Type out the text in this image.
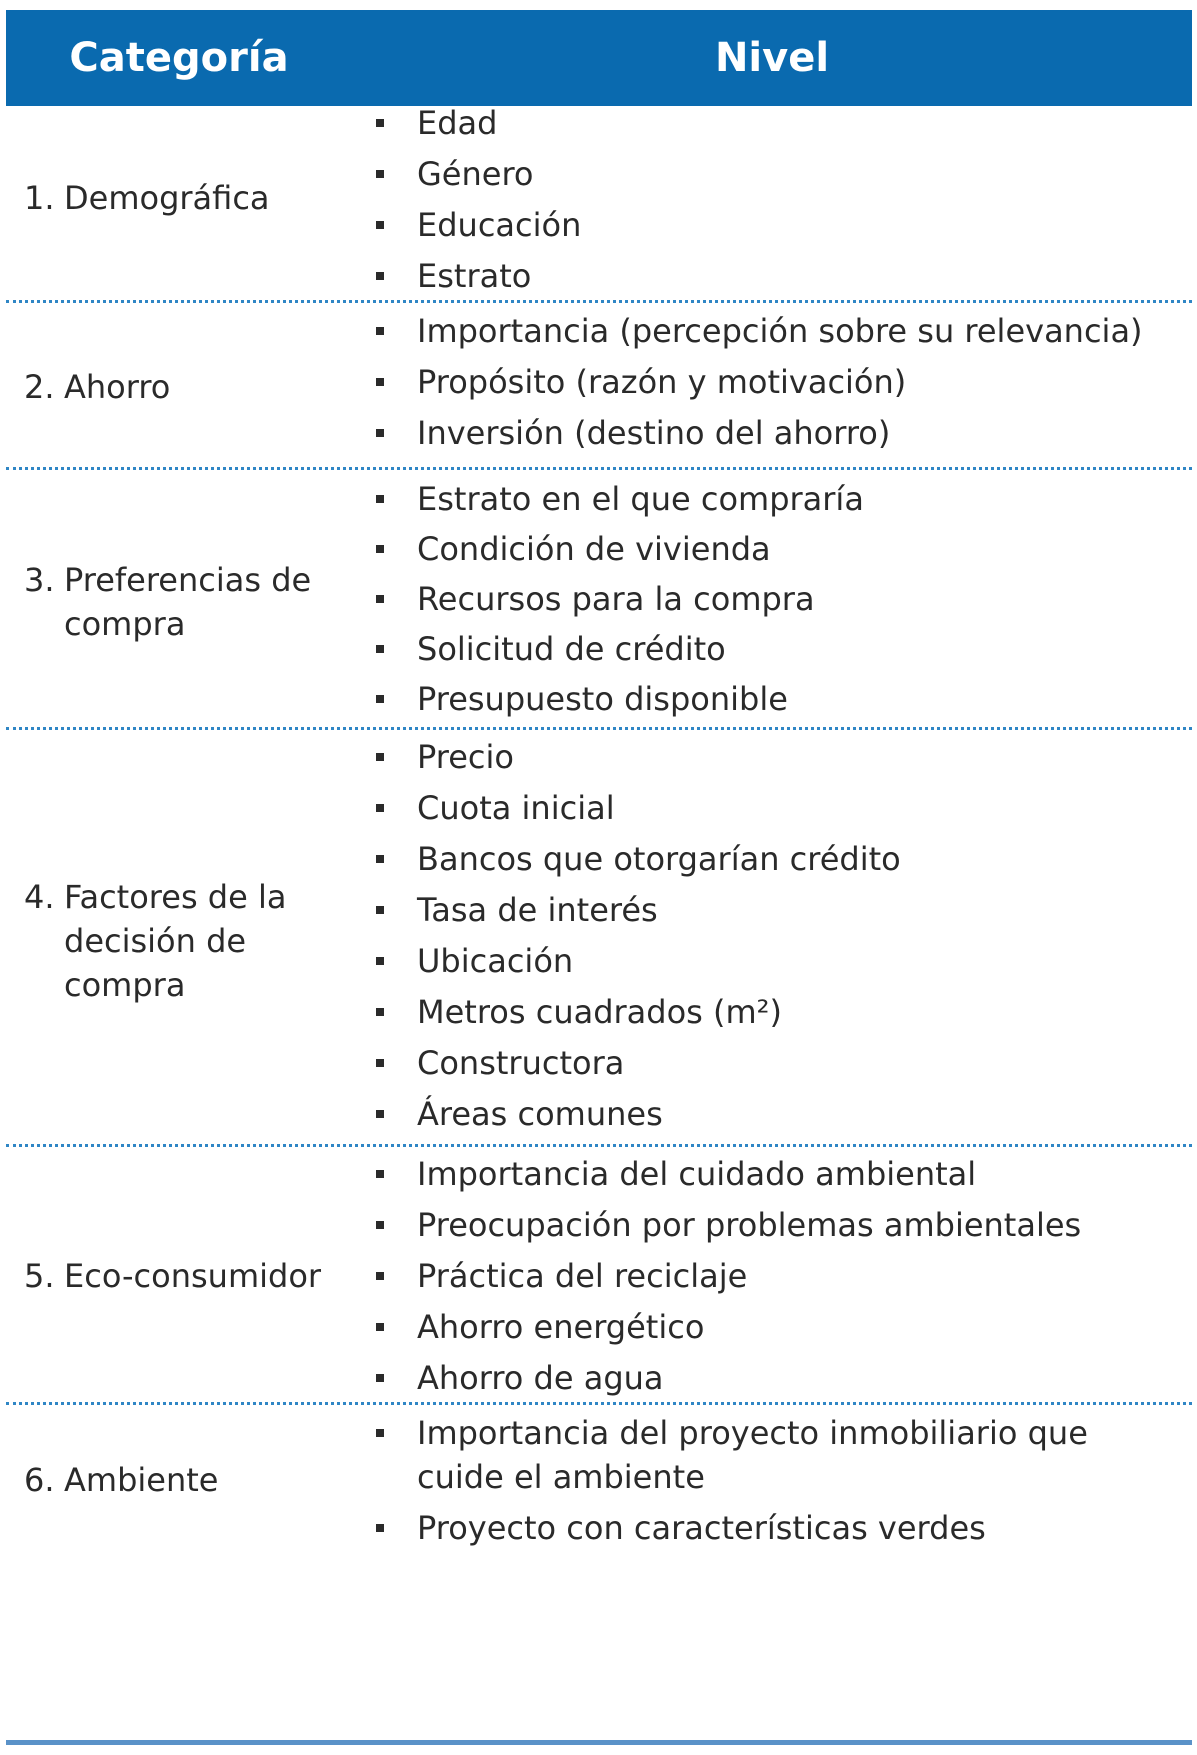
Categoría	Nivel
1. Demográfica
Edad
Género
Educación
Estrato
2. Ahorro
Importancia (percepción sobre su relevancia)
Propósito (razón y motivación)
Inversión (destino del ahorro)
3. Preferencias de compra
Estrato en el que compraría
Condición de vivienda
Recursos para la compra
Solicitud de crédito
Presupuesto disponible
4. Factores de la decisión de compra
Precio
Cuota inicial
Bancos que otorgarían crédito
Tasa de interés
Ubicación
Metros cuadrados (m²)
Constructora
Áreas comunes
5. Eco-consumidor
Importancia del cuidado ambiental
Preocupación por problemas ambientales
Práctica del reciclaje
Ahorro energético
Ahorro de agua
6. Ambiente
Importancia del proyecto inmobiliario que cuide el ambiente
Proyecto con características verdes
